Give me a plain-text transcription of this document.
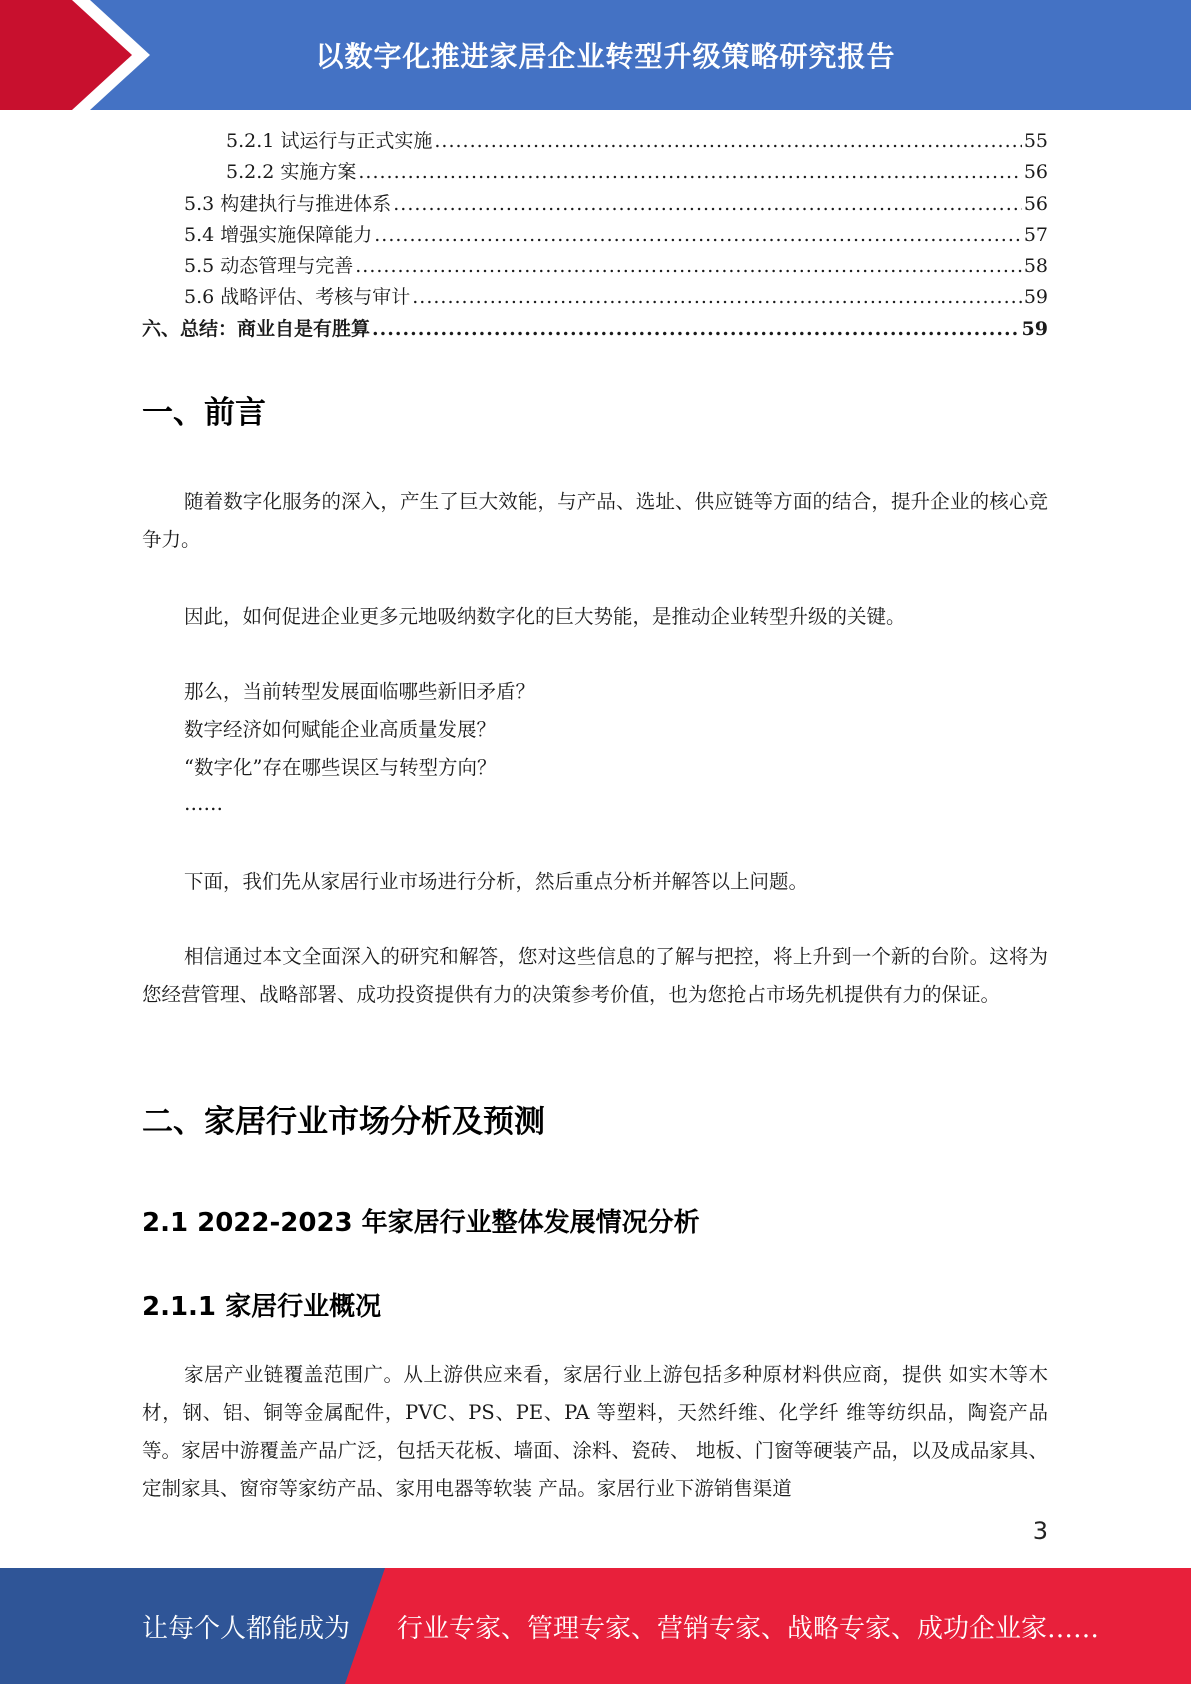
以数字化推进家居企业转型升级策略研究报告
5.2.1 试运行与正式实施 .....	55
5.2.2 实施方案 .....	56
5.3 构建执行与推进体系 .....	56
5.4 增强实施保障能力 .....	57
5.5 动态管理与完善 .....	58
5.6 战略评估、考核与审计 .....	59
六、总结：商业自是有胜算 .....	59
一、前言

随着数字化服务的深入，产生了巨大效能，与产品、选址、供应链等方面的结合，提升企业的核心竞争力。

因此，如何促进企业更多元地吸纳数字化的巨大势能，是推动企业转型升级的关键。

那么，当前转型发展面临哪些新旧矛盾？
数字经济如何赋能企业高质量发展？
“数字化”存在哪些误区与转型方向？
……

下面，我们先从家居行业市场进行分析，然后重点分析并解答以上问题。

相信通过本文全面深入的研究和解答，您对这些信息的了解与把控，将上升到一个新的台阶。这将为您经营管理、战略部署、成功投资提供有力的决策参考价值，也为您抢占市场先机提供有力的保证。

二、家居行业市场分析及预测
2.1 2022-2023 年家居行业整体发展情况分析
2.1.1 家居行业概况

家居产业链覆盖范围广。从上游供应来看，家居行业上游包括多种原材料供应商，提供 如实木等木材，钢、铝、铜等金属配件，PVC、PS、PE、PA 等塑料，天然纤维、化学纤 维等纺织品，陶瓷产品等。家居中游覆盖产品广泛，包括天花板、墙面、涂料、瓷砖、 地板、门窗等硬装产品，以及成品家具、定制家具、窗帘等家纺产品、家用电器等软装 产品。家居行业下游销售渠道

3
让每个人都能成为 行业专家、管理专家、营销专家、战略专家、成功企业家……
